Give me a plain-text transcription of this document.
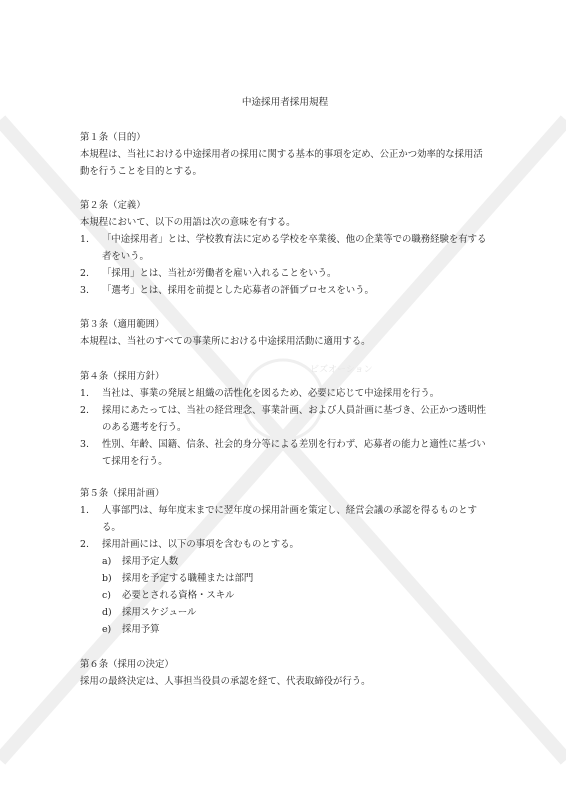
ビズオーション
中途採用者採用規程
第１条（目的）
本規程は、当社における中途採用者の採用に関する基本的事項を定め、公正かつ効率的な採用活動を行うことを目的とする。
第２条（定義）
本規程において、以下の用語は次の意味を有する。
1.	「中途採用者」とは、学校教育法に定める学校を卒業後、他の企業等での職務経験を有する者をいう。
2.	「採用」とは、当社が労働者を雇い入れることをいう。
3.	「選考」とは、採用を前提とした応募者の評価プロセスをいう。
第３条（適用範囲）
本規程は、当社のすべての事業所における中途採用活動に適用する。
第４条（採用方針）
1.	当社は、事業の発展と組織の活性化を図るため、必要に応じて中途採用を行う。
2.	採用にあたっては、当社の経営理念、事業計画、および人員計画に基づき、公正かつ透明性のある選考を行う。
3.	性別、年齢、国籍、信条、社会的身分等による差別を行わず、応募者の能力と適性に基づいて採用を行う。
第５条（採用計画）
1.	人事部門は、毎年度末までに翌年度の採用計画を策定し、経営会議の承認を得るものとする。
2.	採用計画には、以下の事項を含むものとする。
a)	採用予定人数
b)	採用を予定する職種または部門
c)	必要とされる資格・スキル
d)	採用スケジュール
e)	採用予算
第６条（採用の決定）
採用の最終決定は、人事担当役員の承認を経て、代表取締役が行う。
